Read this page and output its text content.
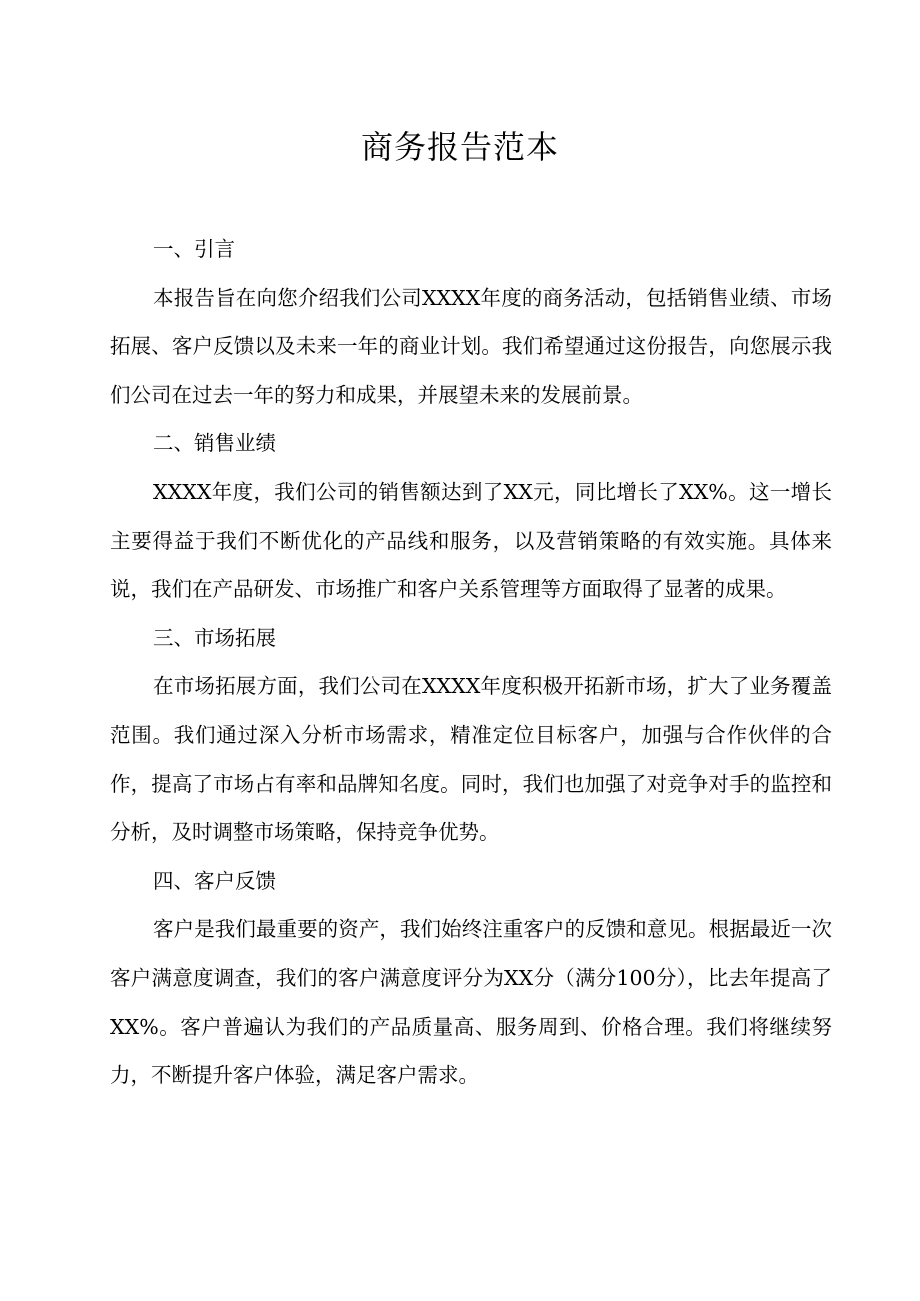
商务报告范本

一、引言

本报告旨在向您介绍我们公司XXXX年度的商务活动，包括销售业绩、市场拓展、客户反馈以及未来一年的商业计划。我们希望通过这份报告，向您展示我们公司在过去一年的努力和成果，并展望未来的发展前景。

二、销售业绩

XXXX年度，我们公司的销售额达到了XX元，同比增长了XX%。这一增长主要得益于我们不断优化的产品线和服务，以及营销策略的有效实施。具体来说，我们在产品研发、市场推广和客户关系管理等方面取得了显著的成果。

三、市场拓展

在市场拓展方面，我们公司在XXXX年度积极开拓新市场，扩大了业务覆盖范围。我们通过深入分析市场需求，精准定位目标客户，加强与合作伙伴的合作，提高了市场占有率和品牌知名度。同时，我们也加强了对竞争对手的监控和分析，及时调整市场策略，保持竞争优势。

四、客户反馈

客户是我们最重要的资产，我们始终注重客户的反馈和意见。根据最近一次客户满意度调查，我们的客户满意度评分为XX分（满分100分），比去年提高了XX%。客户普遍认为我们的产品质量高、服务周到、价格合理。我们将继续努力，不断提升客户体验，满足客户需求。
